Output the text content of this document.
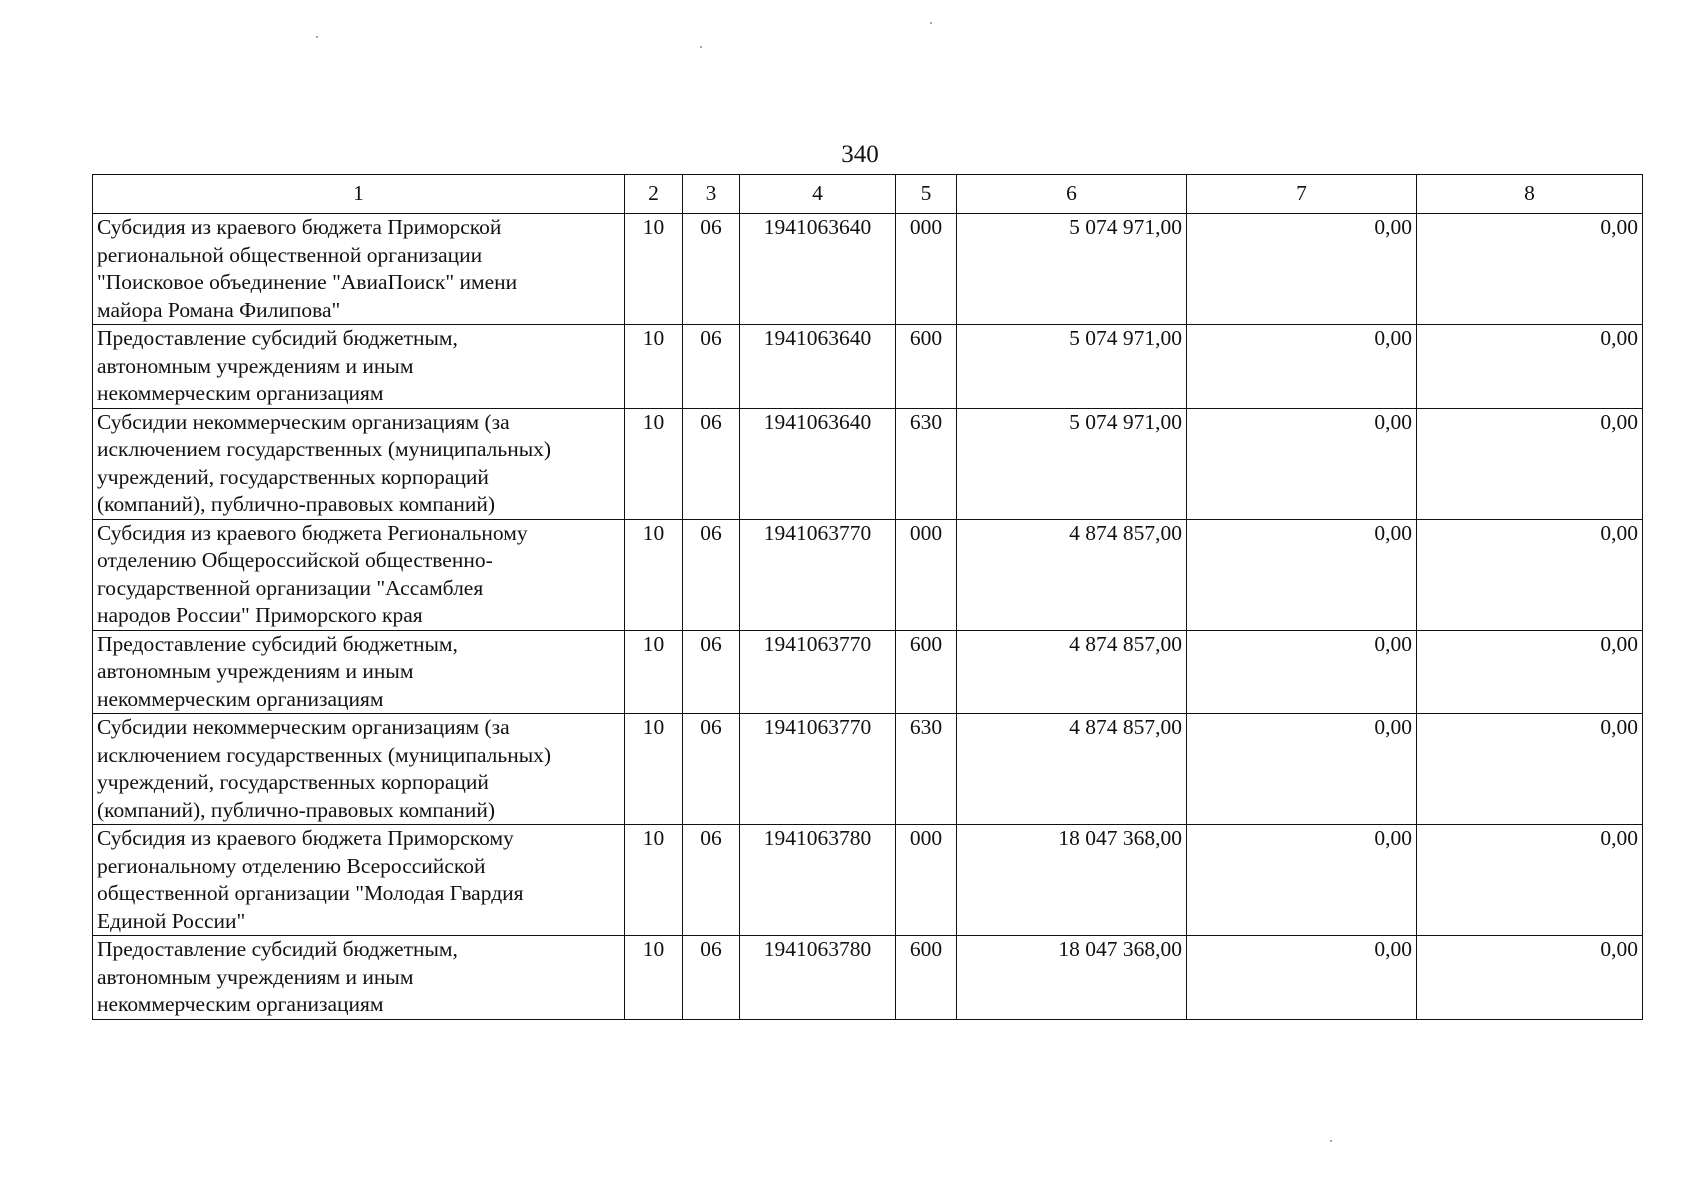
340
1	2	3	4	5	6	7	8

Субсидия из краевого бюджета Приморской
региональной общественной организации
"Поисковое объединение "АвиаПоиск" имени
майора Романа Филипова"	10	06	1941063640	000	5 074 971,00	0,00	0,00

Предоставление субсидий бюджетным,
автономным учреждениям и иным
некоммерческим организациям	10	06	1941063640	600	5 074 971,00	0,00	0,00

Субсидии некоммерческим организациям (за
исключением государственных (муниципальных)
учреждений, государственных корпораций
(компаний), публично-правовых компаний)	10	06	1941063640	630	5 074 971,00	0,00	0,00

Субсидия из краевого бюджета Региональному
отделению Общероссийской общественно-
государственной организации "Ассамблея
народов России" Приморского края	10	06	1941063770	000	4 874 857,00	0,00	0,00

Предоставление субсидий бюджетным,
автономным учреждениям и иным
некоммерческим организациям	10	06	1941063770	600	4 874 857,00	0,00	0,00

Субсидии некоммерческим организациям (за
исключением государственных (муниципальных)
учреждений, государственных корпораций
(компаний), публично-правовых компаний)	10	06	1941063770	630	4 874 857,00	0,00	0,00

Субсидия из краевого бюджета Приморскому
региональному отделению Всероссийской
общественной организации "Молодая Гвардия
Единой России"	10	06	1941063780	000	18 047 368,00	0,00	0,00

Предоставление субсидий бюджетным,
автономным учреждениям и иным
некоммерческим организациям	10	06	1941063780	600	18 047 368,00	0,00	0,00
